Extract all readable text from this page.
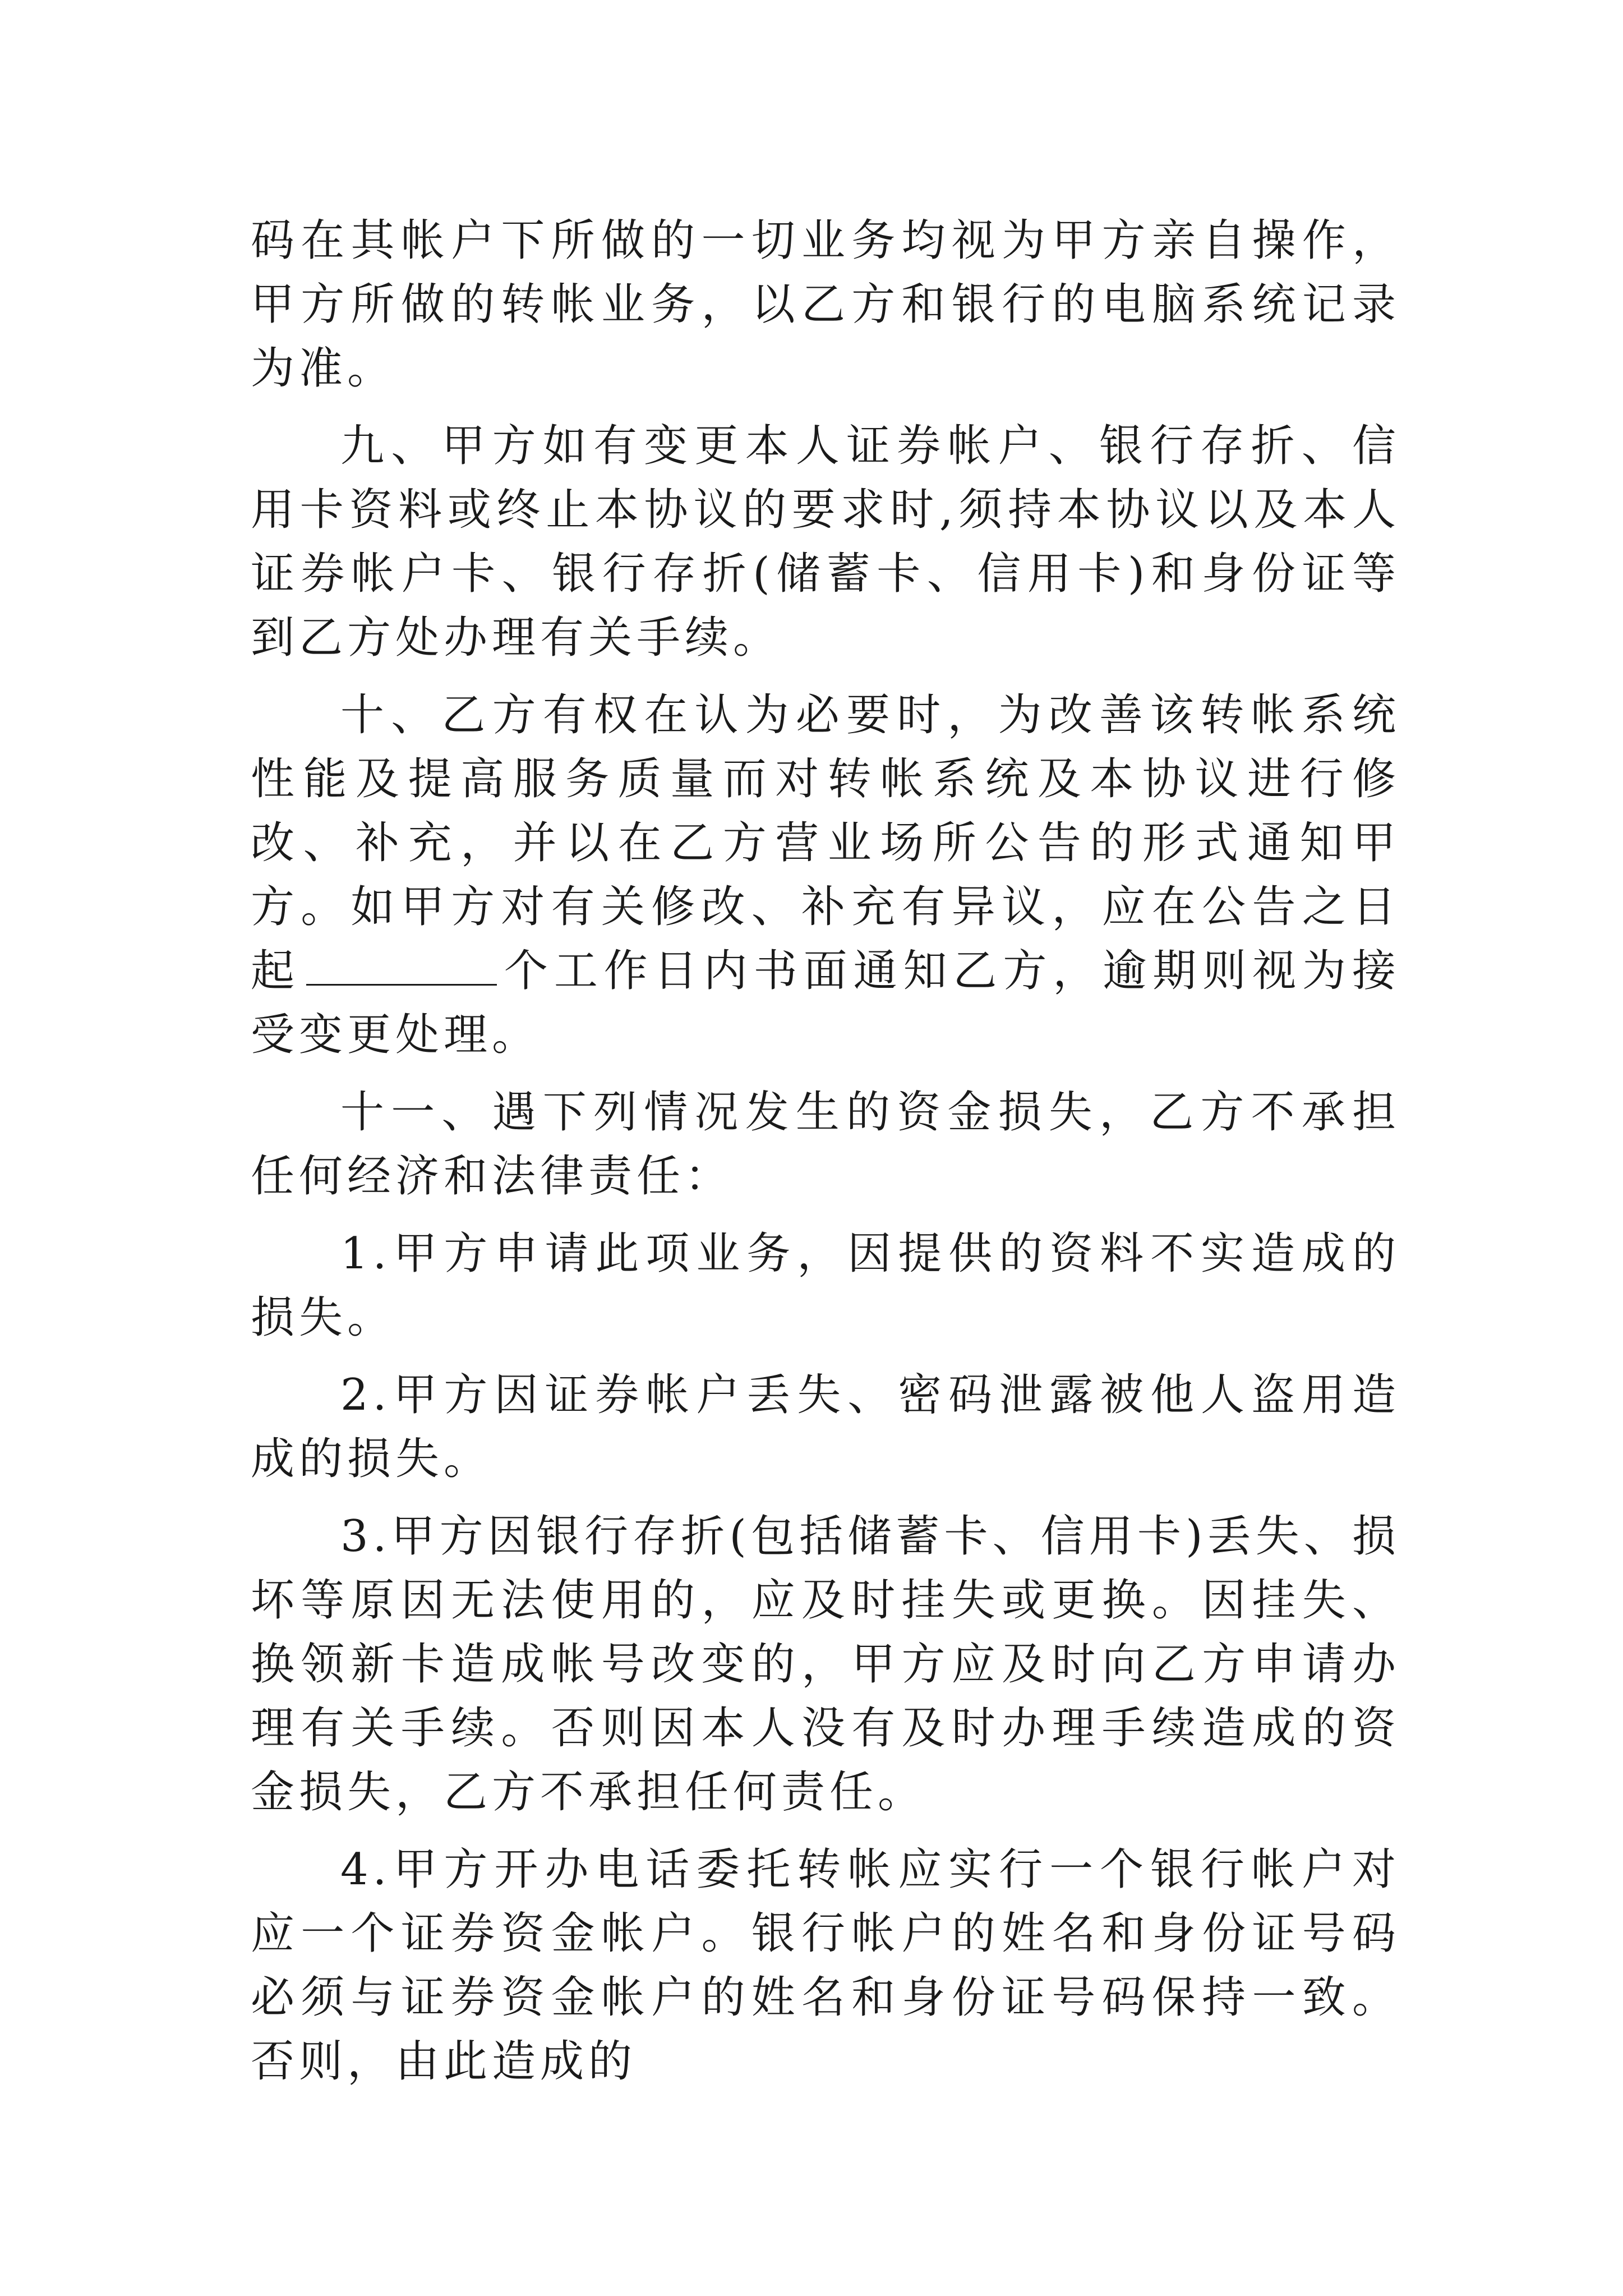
码在其帐户下所做的一切业务均视为甲方亲自操作，甲方所做的转帐业务，以乙方和银行的电脑系统记录为准。

九、甲方如有变更本人证券帐户、银行存折、信用卡资料或终止本协议的要求时,须持本协议以及本人证券帐户卡、银行存折(储蓄卡、信用卡)和身份证等到乙方处办理有关手续。

十、乙方有权在认为必要时，为改善该转帐系统性能及提高服务质量而对转帐系统及本协议进行修改、补充，并以在乙方营业场所公告的形式通知甲方。如甲方对有关修改、补充有异议，应在公告之日起	个工作日内书面通知乙方，逾期则视为接受变更处理。

十一、遇下列情况发生的资金损失，乙方不承担任何经济和法律责任：

1.甲方申请此项业务，因提供的资料不实造成的损失。

2.甲方因证券帐户丢失、密码泄露被他人盗用造成的损失。

3.甲方因银行存折(包括储蓄卡、信用卡)丢失、损坏等原因无法使用的，应及时挂失或更换。因挂失、换领新卡造成帐号改变的，甲方应及时向乙方申请办理有关手续。否则因本人没有及时办理手续造成的资金损失，乙方不承担任何责任。

4.甲方开办电话委托转帐应实行一个银行帐户对应一个证券资金帐户。银行帐户的姓名和身份证号码必须与证券资金帐户的姓名和身份证号码保持一致。否则，由此造成的
